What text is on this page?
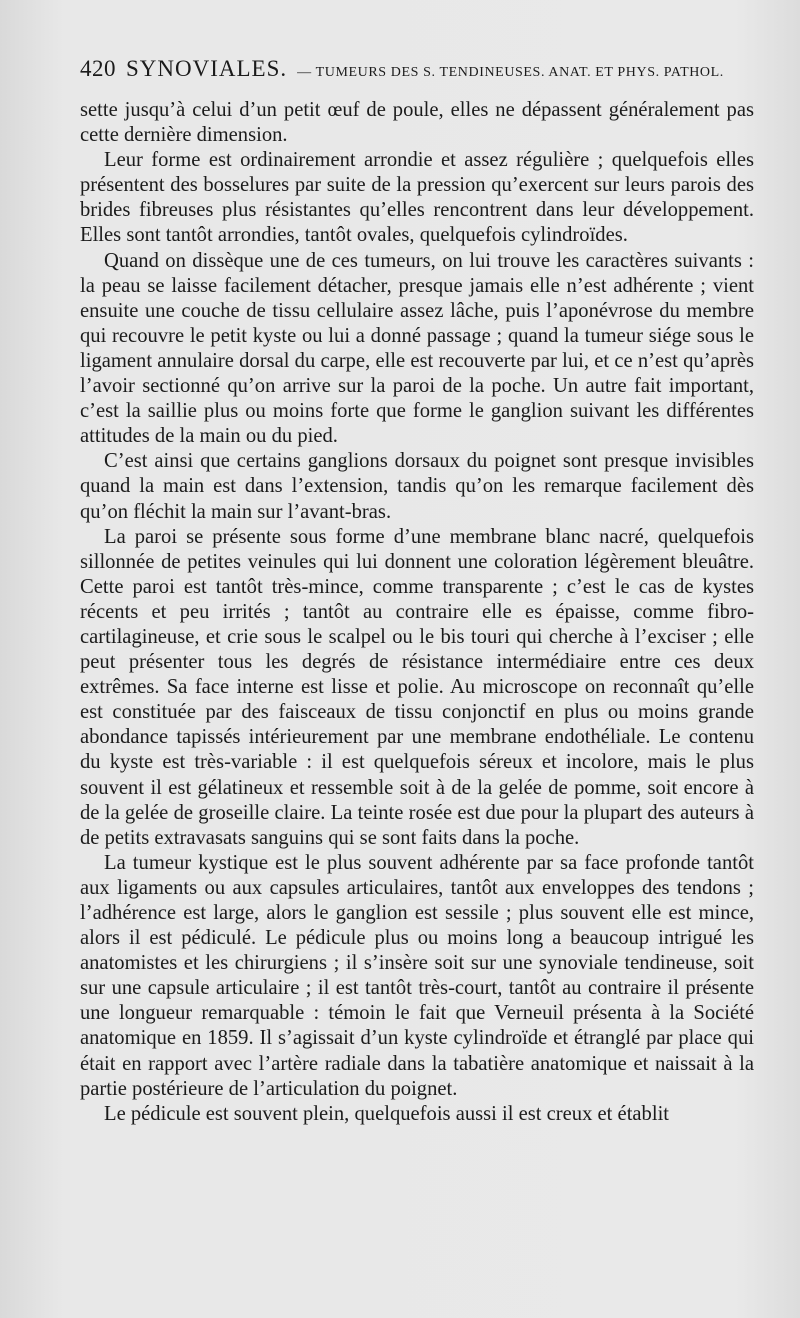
420 SYNOVIALES. — TUMEURS DES S. TENDINEUSES. ANAT. ET PHYS. PATHOL.

sette jusqu’à celui d’un petit œuf de poule, elles ne dépassent généralement pas cette dernière dimension.

Leur forme est ordinairement arrondie et assez régulière ; quelquefois elles présentent des bosselures par suite de la pression qu’exercent sur leurs parois des brides fibreuses plus résistantes qu’elles rencontrent dans leur développement. Elles sont tantôt arrondies, tantôt ovales, quelquefois cylindroïdes.

Quand on dissèque une de ces tumeurs, on lui trouve les caractères suivants : la peau se laisse facilement détacher, presque jamais elle n’est adhérente ; vient ensuite une couche de tissu cellulaire assez lâche, puis l’aponévrose du membre qui recouvre le petit kyste ou lui a donné passage ; quand la tumeur siége sous le ligament annulaire dorsal du carpe, elle est recouverte par lui, et ce n’est qu’après l’avoir sectionné qu’on arrive sur la paroi de la poche. Un autre fait important, c’est la saillie plus ou moins forte que forme le ganglion suivant les différentes attitudes de la main ou du pied.

C’est ainsi que certains ganglions dorsaux du poignet sont presque invisibles quand la main est dans l’extension, tandis qu’on les remarque facilement dès qu’on fléchit la main sur l’avant-bras.

La paroi se présente sous forme d’une membrane blanc nacré, quelquefois sillonnée de petites veinules qui lui donnent une coloration légèrement bleuâtre. Cette paroi est tantôt très-mince, comme transparente ; c’est le cas de kystes récents et peu irrités ; tantôt au contraire elle es épaisse, comme fibro-cartilagineuse, et crie sous le scalpel ou le bis touri qui cherche à l’exciser ; elle peut présenter tous les degrés de résistance intermédiaire entre ces deux extrêmes. Sa face interne est lisse et polie. Au microscope on reconnaît qu’elle est constituée par des faisceaux de tissu conjonctif en plus ou moins grande abondance tapissés intérieurement par une membrane endothéliale. Le contenu du kyste est très-variable : il est quelquefois séreux et incolore, mais le plus souvent il est gélatineux et ressemble soit à de la gelée de pomme, soit encore à de la gelée de groseille claire. La teinte rosée est due pour la plupart des auteurs à de petits extravasats sanguins qui se sont faits dans la poche.

La tumeur kystique est le plus souvent adhérente par sa face profonde tantôt aux ligaments ou aux capsules articulaires, tantôt aux enveloppes des tendons ; l’adhérence est large, alors le ganglion est sessile ; plus souvent elle est mince, alors il est pédiculé. Le pédicule plus ou moins long a beaucoup intrigué les anatomistes et les chirurgiens ; il s’insère soit sur une synoviale tendineuse, soit sur une capsule articulaire ; il est tantôt très-court, tantôt au contraire il présente une longueur remarquable : témoin le fait que Verneuil présenta à la Société anatomique en 1859. Il s’agissait d’un kyste cylindroïde et étranglé par place qui était en rapport avec l’artère radiale dans la tabatière anatomique et naissait à la partie postérieure de l’articulation du poignet.

Le pédicule est souvent plein, quelquefois aussi il est creux et établit
